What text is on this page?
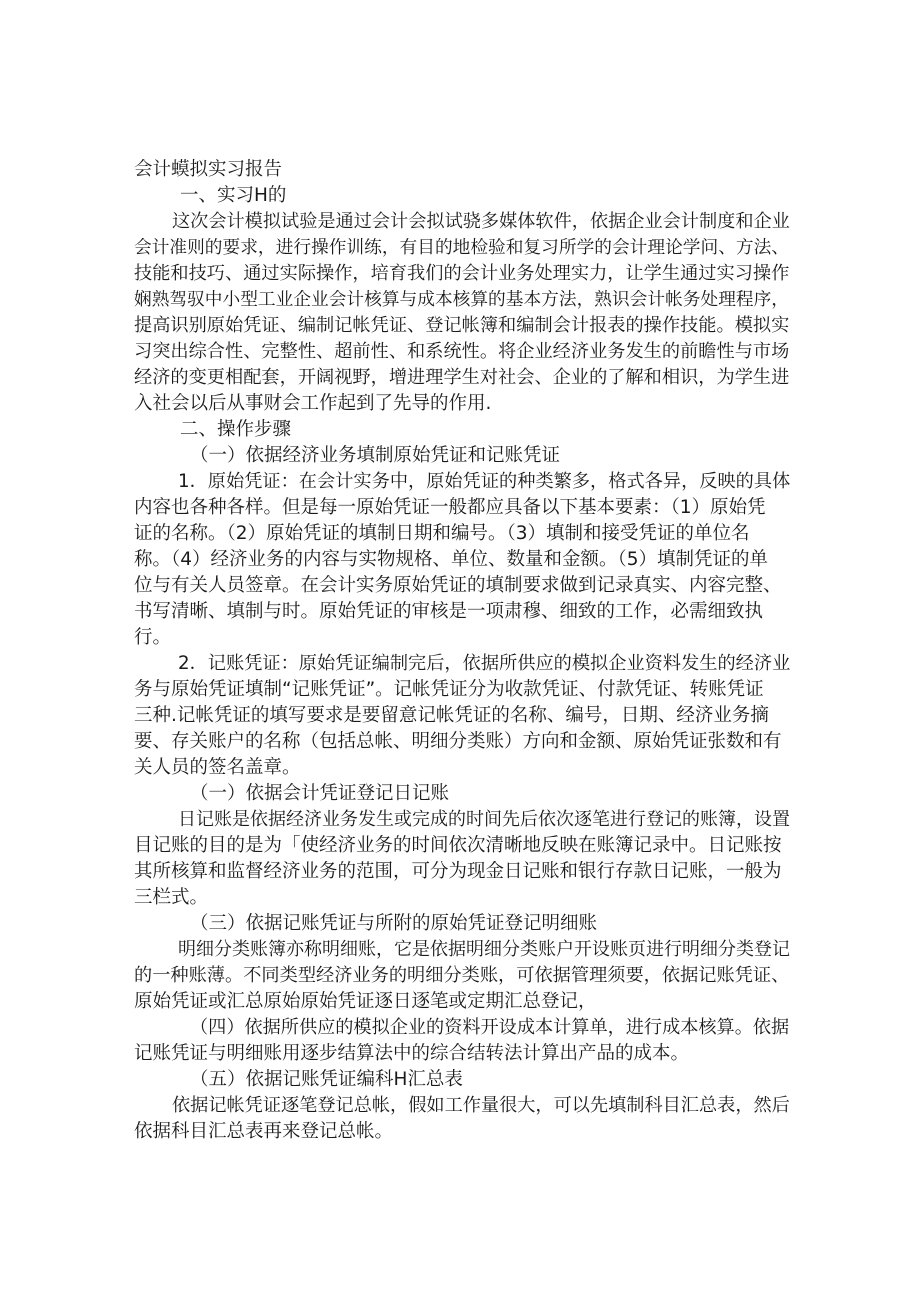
会计蟆拟实习报告
一、实习H的
这次会计模拟试验是通过会计会拟试骁多媒体软件，依据企业会计制度和企业
会计准则的要求，进行操作训练，有目的地检验和复习所学的会计理论学问、方法、
技能和技巧、通过实际操作，培育我们的会计业务处理实力，让学生通过实习操作
娴熟驾驭中小型工业企业会计核算与成本核算的基本方法，熟识会计帐务处理程序，
提高识别原始凭证、编制记帐凭证、登记帐簿和编制会计报表的操作技能。模拟实
习突出综合性、完整性、超前性、和系统性。将企业经济业务发生的前瞻性与市场
经济的变更相配套，开阔视野，增进理学生对社会、企业的了解和相识，为学生进
入社会以后从事财会工作起到了先导的作用.
二、操作步骤
（一）依据经济业务填制原始凭证和记账凭证
1．原始凭证：在会计实务中，原始凭证的种类繁多，格式各异，反映的具体
内容也各种各样。但是每一原始凭证一般都应具备以下基本要素：（1）原始凭
证的名称。（2）原始凭证的填制日期和编号。（3）填制和接受凭证的单位名
称。（4）经济业务的内容与实物规格、单位、数量和金额。（5）填制凭证的单
位与有关人员签章。在会计实务原始凭证的填制要求做到记录真实、内容完整、
书写清晰、填制与时。原始凭证的审核是一项肃穆、细致的工作，必需细致执
行。
2．记账凭证：原始凭证编制完后，依据所供应的模拟企业资料发生的经济业
务与原始凭证填制“记账凭证”。记帐凭证分为收款凭证、付款凭证、转账凭证
三种.记帐凭证的填写要求是要留意记帐凭证的名称、编号，日期、经济业务摘
要、存关账户的名称（包括总帐、明细分类账）方向和金额、原始凭证张数和有
关人员的签名盖章。
（一）依据会计凭证登记日记账
日记账是依据经济业务发生或完成的时间先后依次逐笔进行登记的账簿，设置
目记账的目的是为「使经济业务的时间依次清晰地反映在账簿记录中。日记账按
其所核算和监督经济业务的范围，可分为现金日记账和银行存款日记账，一般为
三栏式。
（三）依据记账凭证与所附的原始凭证登记明细账
明细分类账簿亦称明细账，它是依据明细分类账户开设账页进行明细分类登记
的一种账薄。不同类型经济业务的明细分类账，可依据管理须要，依据记账凭证、
原始凭证或汇总原始原始凭证逐日逐笔或定期汇总登记，
（四）依据所供应的模拟企业的资料开设成本计算单，进行成本核算。依据
记账凭证与明细账用逐步结算法中的综合结转法计算出产品的成本。
（五）依据记账凭证编科H汇总表
依据记帐凭证逐笔登记总帐，假如工作量很大，可以先填制科目汇总表，然后
依据科目汇总表再来登记总帐。
